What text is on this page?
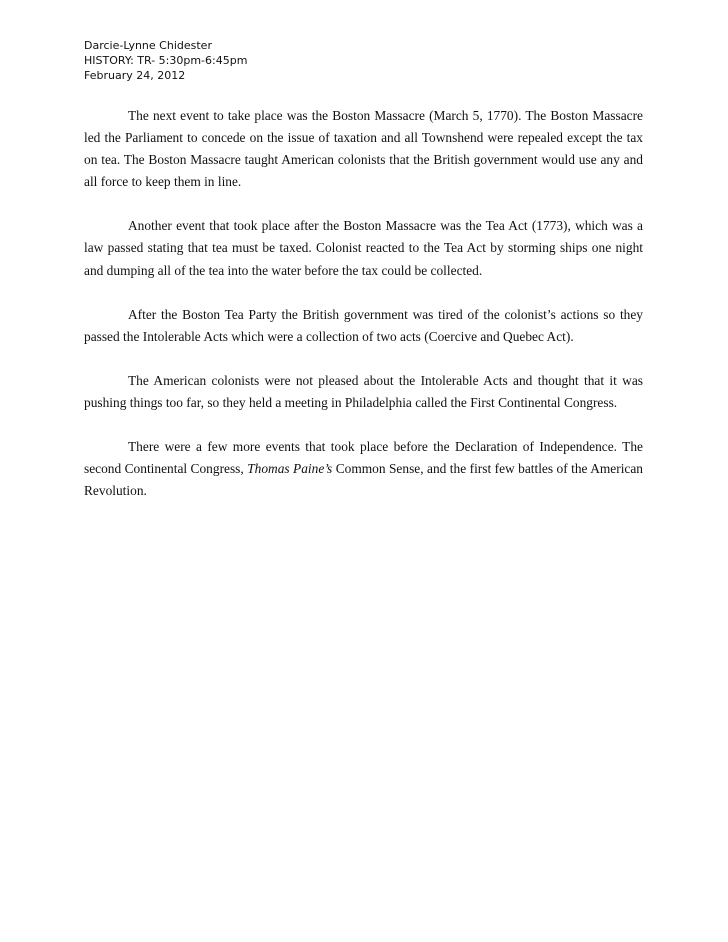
Darcie-Lynne Chidester
HISTORY: TR- 5:30pm-6:45pm
February 24, 2012

The next event to take place was the Boston Massacre (March 5, 1770). The Boston Massacre led the Parliament to concede on the issue of taxation and all Townshend were repealed except the tax on tea. The Boston Massacre taught American colonists that the British government would use any and all force to keep them in line.

Another event that took place after the Boston Massacre was the Tea Act (1773), which was a law passed stating that tea must be taxed. Colonist reacted to the Tea Act by storming ships one night and dumping all of the tea into the water before the tax could be collected.

After the Boston Tea Party the British government was tired of the colonist’s actions so they passed the Intolerable Acts which were a collection of two acts (Coercive and Quebec Act).

The American colonists were not pleased about the Intolerable Acts and thought that it was pushing things too far, so they held a meeting in Philadelphia called the First Continental Congress.

There were a few more events that took place before the Declaration of Independence. The second Continental Congress, Thomas Paine’s Common Sense, and the first few battles of the American Revolution.
